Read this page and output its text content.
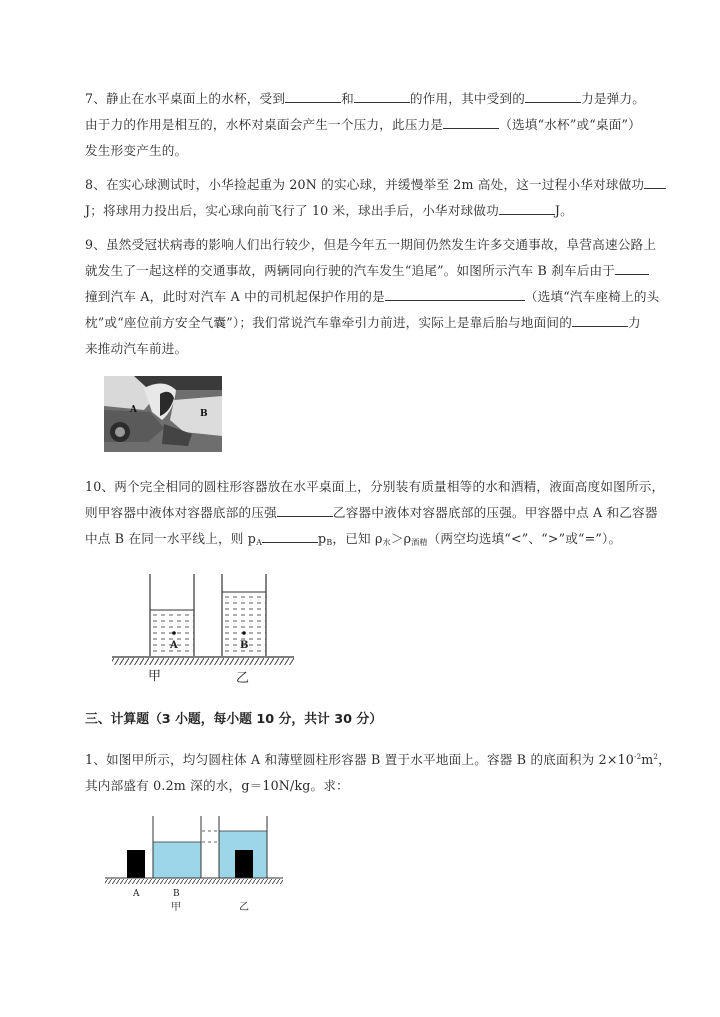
7、静止在水平桌面上的水杯，受到	和	的作用，其中受到的	力是弹力。
由于力的作用是相互的，水杯对桌面会产生一个压力，此压力是	（选填“水杯”或“桌面”）
发生形变产生的。
8、在实心球测试时，小华捡起重为 20N 的实心球，并缓慢举至 2m 高处，这一过程小华对球做功
J；将球用力投出后，实心球向前飞行了 10 米，球出手后，小华对球做功	J。
9、虽然受冠状病毒的影响人们出行较少，但是今年五一期间仍然发生许多交通事故，阜营高速公路上
就发生了一起这样的交通事故，两辆同向行驶的汽车发生“追尾”。如图所示汽车 B 刹车后由于
撞到汽车 A，此时对汽车 A 中的司机起保护作用的是	（选填“汽车座椅上的头
枕”或“座位前方安全气囊”）；我们常说汽车靠牵引力前进，实际上是靠后胎与地面间的	力
来推动汽车前进。
A	B
10、两个完全相同的圆柱形容器放在水平桌面上，分别装有质量相等的水和酒精，液面高度如图所示，
则甲容器中液体对容器底部的压强	乙容器中液体对容器底部的压强。甲容器中点 A 和乙容器
中点 B 在同一水平线上，则 $p_A$	$p_B$，已知 $\rho_水>\rho_{酒精}$（两空均选填“<”、“>”或“=”）。
A	B
甲	乙
三、计算题（3 小题，每小题 10 分，共计 30 分）
1、如图甲所示，均匀圆柱体 A 和薄壁圆柱形容器 B 置于水平地面上。容器 B 的底面积为 $2\times 10^{-2}m^2$，
其内部盛有 0.2m 深的水，g＝10N/kg。求：
A	B
甲	乙
